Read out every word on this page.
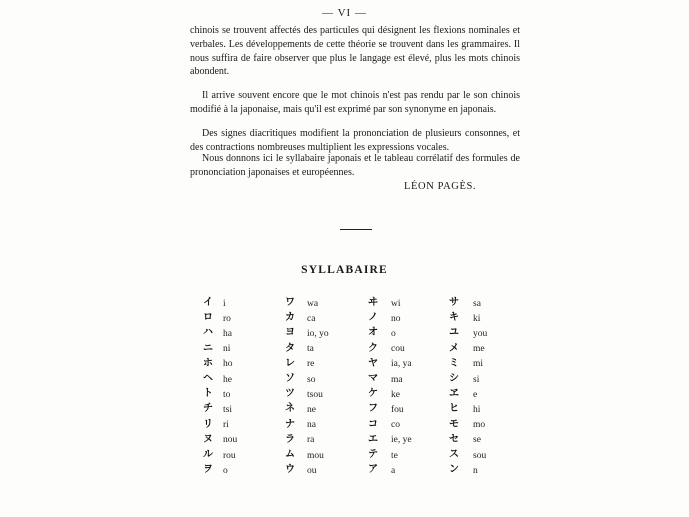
— VI —

chinois se trouvent affectés des particules qui désignent les flexions nominales et verbales. Les développements de cette théorie se trouvent dans les grammaires. Il nous suffira de faire observer que plus le langage est élevé, plus les mots chinois abondent.

Il arrive souvent encore que le mot chinois n'est pas rendu par le son chinois modifié à la japonaise, mais qu'il est exprimé par son synonyme en japonais.

Des signes diacritiques modifient la prononciation de plusieurs consonnes, et des contractions nombreuses multiplient les expressions vocales.

Nous donnons ici le syllabaire japonais et le tableau corrélatif des formules de prononciation japonaises et européennes.

LÉON PAGÈS.
SYLLABAIRE
イ i
ロ ro
ハ ha
ニ ni
ホ ho
ヘ he
ト to
チ tsi
リ ri
ヌ nou
ル rou
ヲ o
ワ wa
カ ca
ヨ io, yo
タ ta
レ re
ソ so
ツ tsou
ネ ne
ナ na
ラ ra
ム mou
ウ ou
ヰ wi
ノ no
オ o
ク cou
ヤ ia, ya
マ ma
ケ ke
フ fou
コ co
エ ie, ye
テ te
ア a
サ sa
キ ki
ユ you
メ me
ミ mi
シ si
ヱ e
ヒ hi
モ mo
セ se
ス sou
ン n
